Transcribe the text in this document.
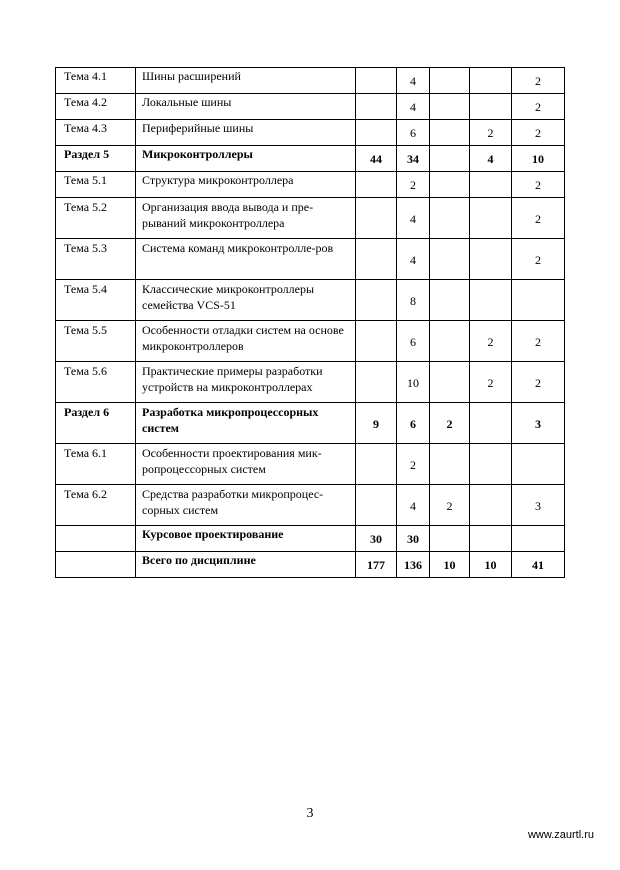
Тема 4.1	Шины расширений		4			2
Тема 4.2	Локальные шины		4			2
Тема 4.3	Периферийные шины		6		2	2
Раздел 5	Микроконтроллеры	44	34		4	10
Тема 5.1	Структура микроконтроллера		2			2
Тема 5.2	Организация ввода вывода и пре-рываний микроконтроллера		4			2
Тема 5.3	Система команд микроконтролле-ров		4			2
Тема 5.4	Классические микроконтроллеры семейства VCS-51		8			
Тема 5.5	Особенности отладки систем на основе микроконтроллеров		6		2	2
Тема 5.6	Практические примеры разработки устройств на микроконтроллерах		10		2	2
Раздел 6	Разработка микропроцессорных систем	9	6	2		3
Тема 6.1	Особенности проектирования мик-ропроцессорных систем		2			
Тема 6.2	Средства разработки микропроцес-сорных систем		4	2		3
	Курсовое проектирование	30	30			
	Всего по дисциплине	177	136	10	10	41
3
www.zaurtl.ru
